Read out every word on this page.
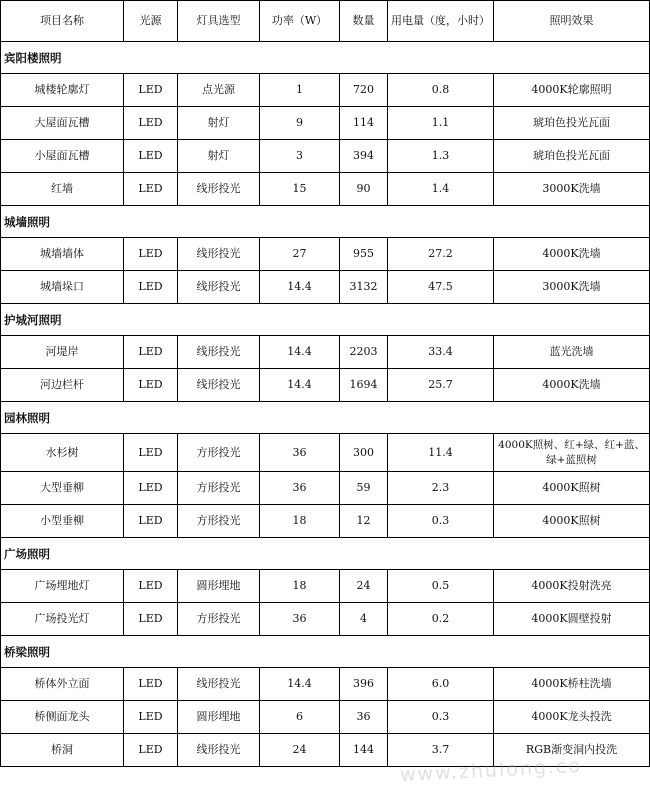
项目名称	光源	灯具选型	功率（W）	数量	用电量（度，小时）	照明效果
宾阳楼照明						
城楼轮廓灯	LED	点光源	1	720	0.8	4000K轮廓照明
大屋面瓦槽	LED	射灯	9	114	1.1	琥珀色投光瓦面
小屋面瓦槽	LED	射灯	3	394	1.3	琥珀色投光瓦面
红墙	LED	线形投光	15	90	1.4	3000K洗墙
城墙照明						
城墙墙体	LED	线形投光	27	955	27.2	4000K洗墙
城墙垛口	LED	线形投光	14.4	3132	47.5	3000K洗墙
护城河照明						
河堤岸	LED	线形投光	14.4	2203	33.4	蓝光洗墙
河边栏杆	LED	线形投光	14.4	1694	25.7	4000K洗墙
园林照明						
水杉树	LED	方形投光	36	300	11.4	4000K照树、红+绿、红+蓝、绿+蓝照树
大型垂柳	LED	方形投光	36	59	2.3	4000K照树
小型垂柳	LED	方形投光	18	12	0.3	4000K照树
广场照明						
广场埋地灯	LED	圆形埋地	18	24	0.5	4000K投射洗亮
广场投光灯	LED	方形投光	36	4	0.2	4000K圆壁投射
桥梁照明						
桥体外立面	LED	线形投光	14.4	396	6.0	4000K桥柱洗墙
桥侧面龙头	LED	圆形埋地	6	36	0.3	4000K龙头投洗
桥洞	LED	线形投光	24	144	3.7	RGB渐变洞内投洗
www.zhulong.co
